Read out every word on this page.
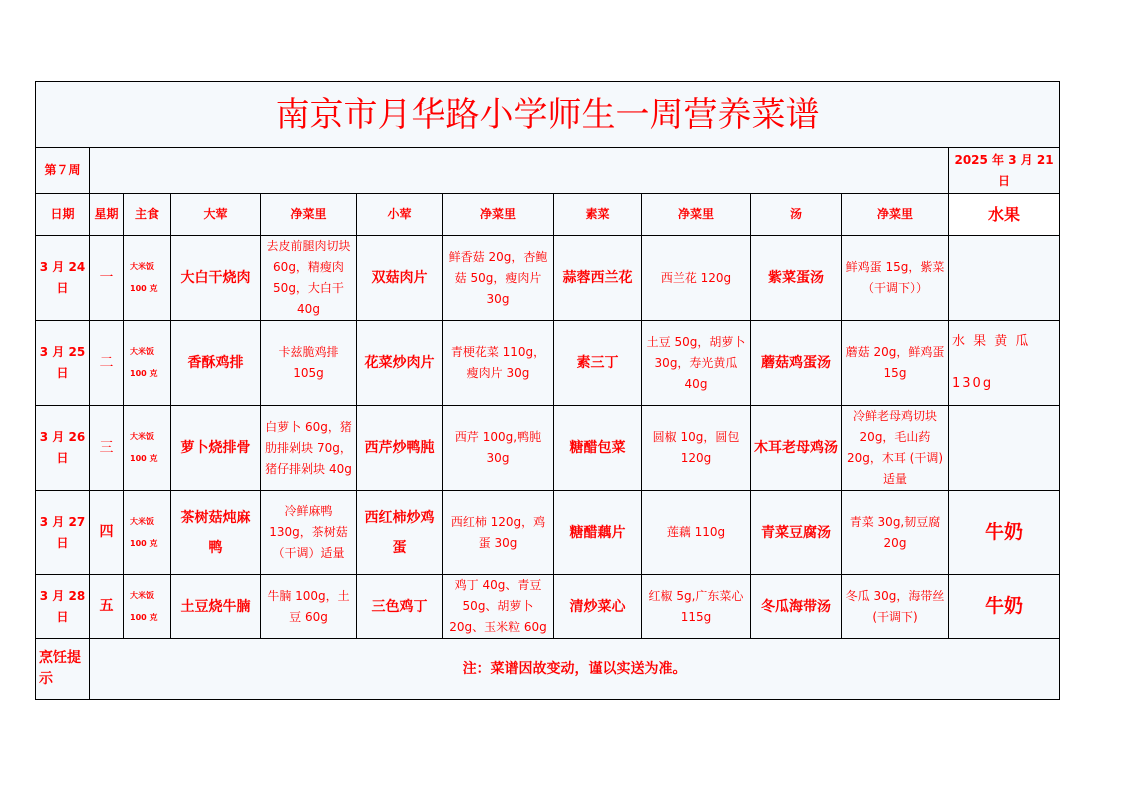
南京市月华路小学师生一周营养菜谱											
第７周											2025 年 3 月 21 日
日期	星期	主食	大荤	净菜里	小荤	净菜里	素菜	净菜里	汤	净菜里	水果
3 月 24 日	一	大米饭 100 克	大白干烧肉	去皮前腿肉切块 60g，精瘦肉 50g，大白干 40g	双菇肉片	鲜香菇 20g，杏鲍菇 50g，瘦肉片 30g	蒜蓉西兰花	西兰花 120g	紫菜蛋汤	鲜鸡蛋 15g，紫菜（干调下））	
3 月 25 日	二	大米饭 100 克	香酥鸡排	卡兹脆鸡排 105g	花菜炒肉片	青梗花菜 110g，瘦肉片 30g	素三丁	土豆 50g，胡萝卜 30g，寿光黄瓜 40g	蘑菇鸡蛋汤	蘑菇 20g，鲜鸡蛋 15g	水 果 黄 瓜 130g
3 月 26 日	三	大米饭 100 克	萝卜烧排骨	白萝卜 60g，猪肋排剁块 70g，猪仔排剁块 40g	西芹炒鸭肫	西芹 100g,鸭肫 30g	糖醋包菜	圆椒 10g，圆包 120g	木耳老母鸡汤	冷鲜老母鸡切块 20g，毛山药 20g，木耳 (干调) 适量	
3 月 27 日	四	大米饭 100 克	茶树菇炖麻鸭	冷鲜麻鸭 130g，茶树菇（干调）适量	西红柿炒鸡蛋	西红柿 120g，鸡蛋 30g	糖醋藕片	莲藕 110g	青菜豆腐汤	青菜 30g,韧豆腐 20g	牛奶
3 月 28 日	五	大米饭 100 克	土豆烧牛腩	牛腩 100g，土豆 60g	三色鸡丁	鸡丁 40g、青豆 50g、胡萝卜 20g、玉米粒 60g	清炒菜心	红椒 5g,广东菜心 115g	冬瓜海带汤	冬瓜 30g，海带丝 (干调下)	牛奶
烹饪提示	注：菜谱因故变动，谨以实送为准。										
